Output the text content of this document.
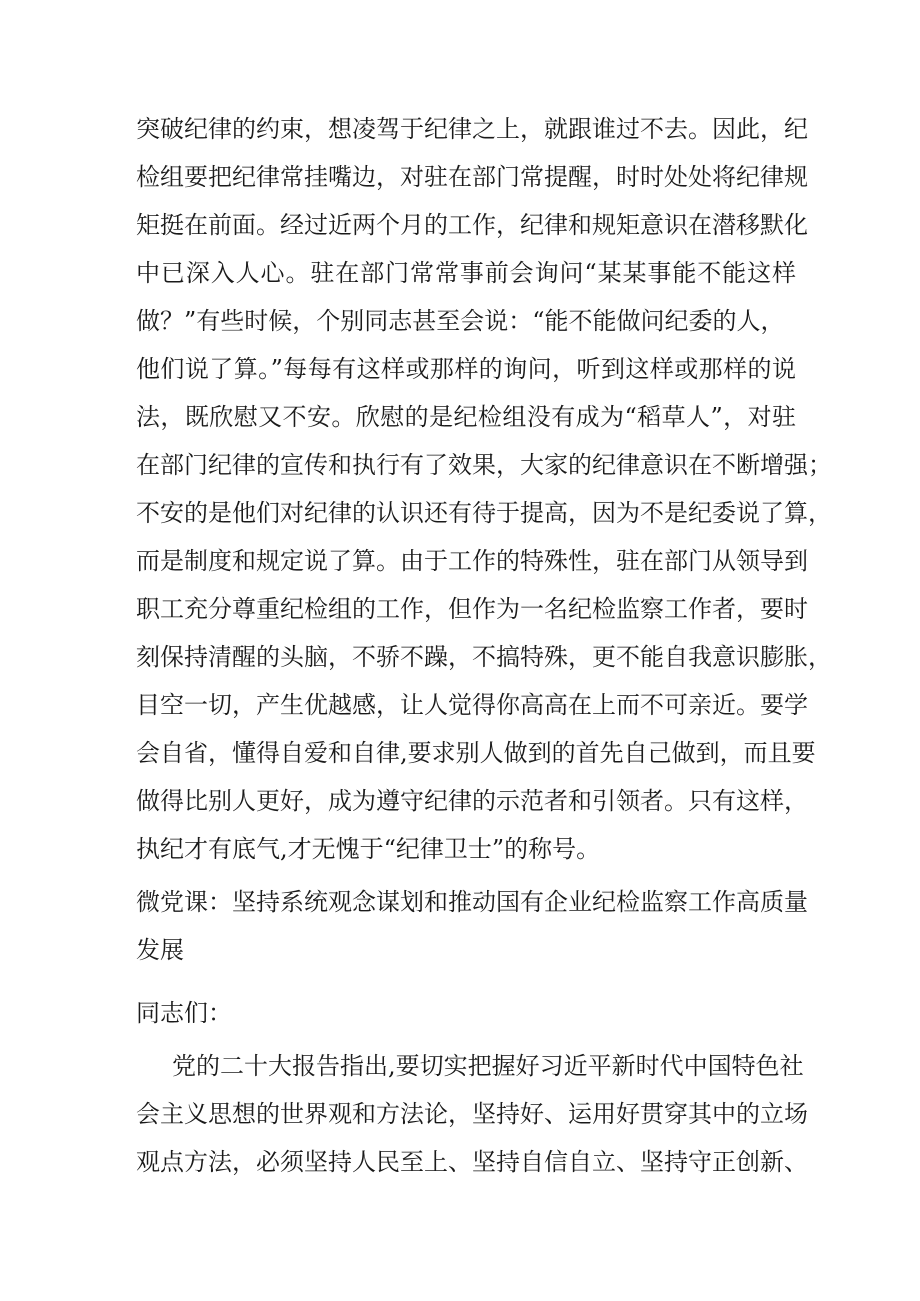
突破纪律的约束，想凌驾于纪律之上，就跟谁过不去。因此，纪
检组要把纪律常挂嘴边，对驻在部门常提醒，时时处处将纪律规
矩挺在前面。经过近两个月的工作，纪律和规矩意识在潜移默化
中已深入人心。驻在部门常常事前会询问“某某事能不能这样
做？”有些时候，个别同志甚至会说：“能不能做问纪委的人，
他们说了算。”每每有这样或那样的询问，听到这样或那样的说
法，既欣慰又不安。欣慰的是纪检组没有成为“稻草人”，对驻
在部门纪律的宣传和执行有了效果，大家的纪律意识在不断增强；
不安的是他们对纪律的认识还有待于提高，因为不是纪委说了算，
而是制度和规定说了算。由于工作的特殊性，驻在部门从领导到
职工充分尊重纪检组的工作，但作为一名纪检监察工作者，要时
刻保持清醒的头脑，不骄不躁，不搞特殊，更不能自我意识膨胀，
目空一切，产生优越感，让人觉得你高高在上而不可亲近。要学
会自省，懂得自爱和自律,要求别人做到的首先自己做到，而且要
做得比别人更好，成为遵守纪律的示范者和引领者。只有这样，
执纪才有底气,才无愧于“纪律卫士”的称号。
微党课：坚持系统观念谋划和推动国有企业纪检监察工作高质量
发展
同志们：
党的二十大报告指出,要切实把握好习近平新时代中国特色社
会主义思想的世界观和方法论，坚持好、运用好贯穿其中的立场
观点方法，必须坚持人民至上、坚持自信自立、坚持守正创新、
